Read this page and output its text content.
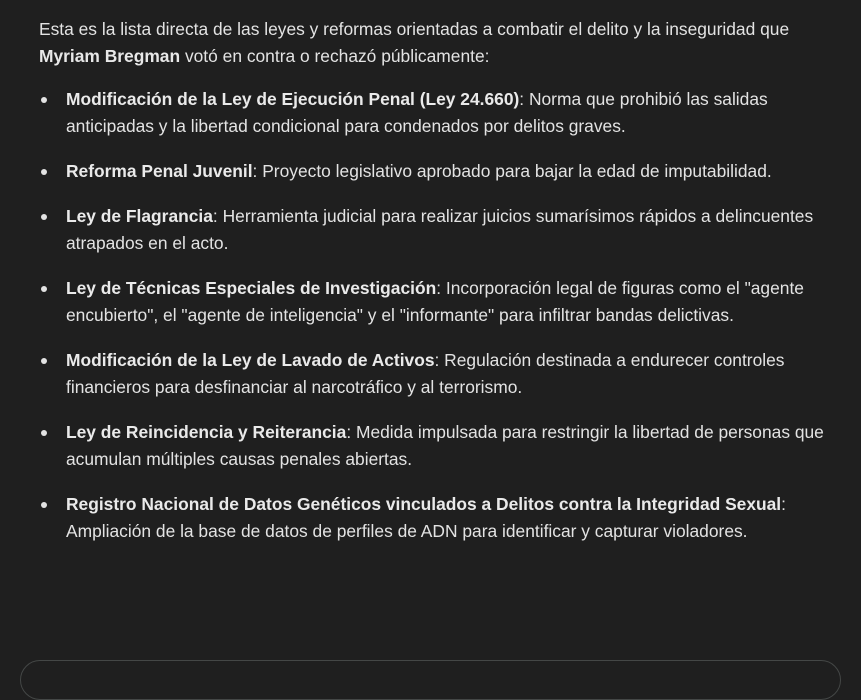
Esta es la lista directa de las leyes y reformas orientadas a combatir el delito y la inseguridad que Myriam Bregman votó en contra o rechazó públicamente:

Modificación de la Ley de Ejecución Penal (Ley 24.660): Norma que prohibió las salidas anticipadas y la libertad condicional para condenados por delitos graves.
Reforma Penal Juvenil: Proyecto legislativo aprobado para bajar la edad de imputabilidad.
Ley de Flagrancia: Herramienta judicial para realizar juicios sumarísimos rápidos a delincuentes atrapados en el acto.
Ley de Técnicas Especiales de Investigación: Incorporación legal de figuras como el "agente encubierto", el "agente de inteligencia" y el "informante" para infiltrar bandas delictivas.
Modificación de la Ley de Lavado de Activos: Regulación destinada a endurecer controles financieros para desfinanciar al narcotráfico y al terrorismo.
Ley de Reincidencia y Reiterancia: Medida impulsada para restringir la libertad de personas que acumulan múltiples causas penales abiertas.
Registro Nacional de Datos Genéticos vinculados a Delitos contra la Integridad Sexual: Ampliación de la base de datos de perfiles de ADN para identificar y capturar violadores.
